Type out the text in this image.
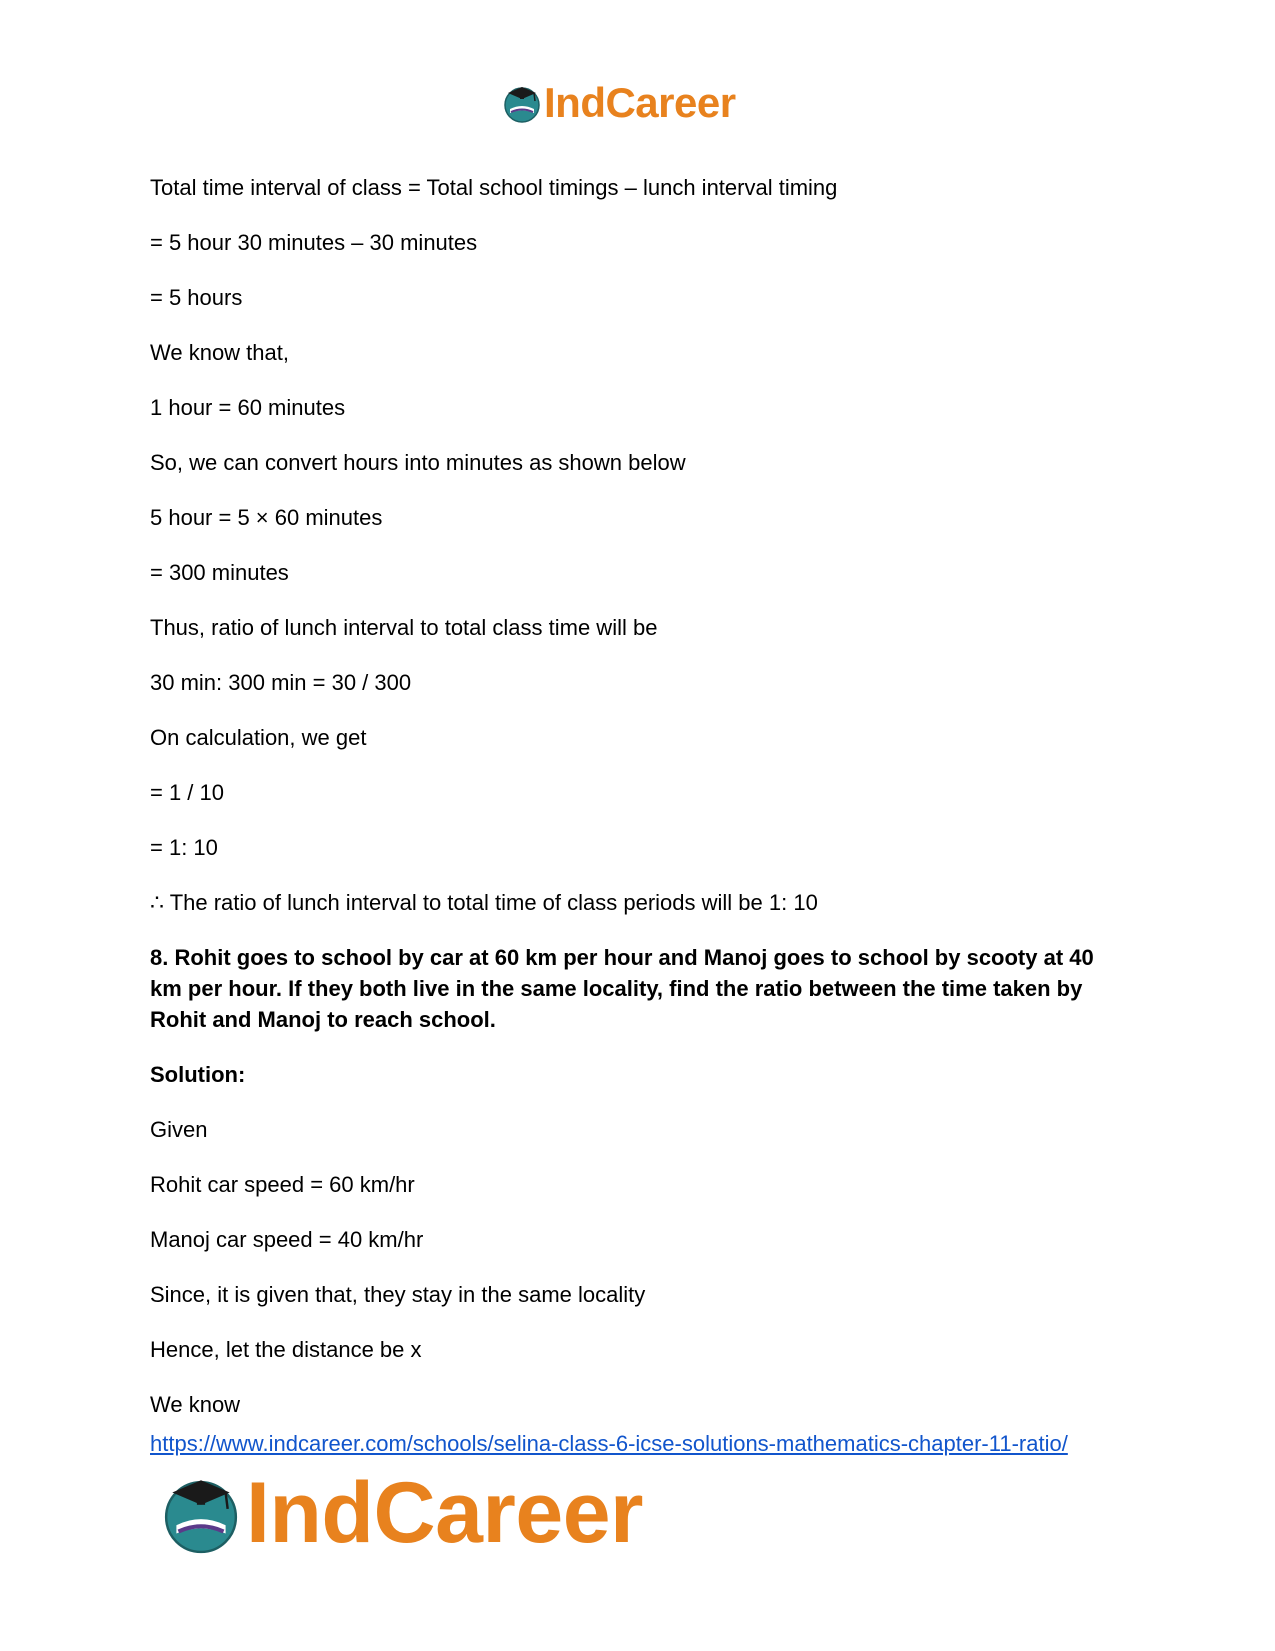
IndCareer

Total time interval of class = Total school timings – lunch interval timing

= 5 hour 30 minutes – 30 minutes

= 5 hours

We know that,

1 hour = 60 minutes

So, we can convert hours into minutes as shown below

5 hour = 5 × 60 minutes

= 300 minutes

Thus, ratio of lunch interval to total class time will be

30 min: 300 min = 30 / 300

On calculation, we get

= 1 / 10

= 1: 10

∴ The ratio of lunch interval to total time of class periods will be 1: 10

8. Rohit goes to school by car at 60 km per hour and Manoj goes to school by scooty at 40 km per hour. If they both live in the same locality, find the ratio between the time taken by Rohit and Manoj to reach school.

Solution:

Given

Rohit car speed = 60 km/hr

Manoj car speed = 40 km/hr

Since, it is given that, they stay in the same locality

Hence, let the distance be x

We know

https://www.indcareer.com/schools/selina-class-6-icse-solutions-mathematics-chapter-11-ratio/
IndCareer
